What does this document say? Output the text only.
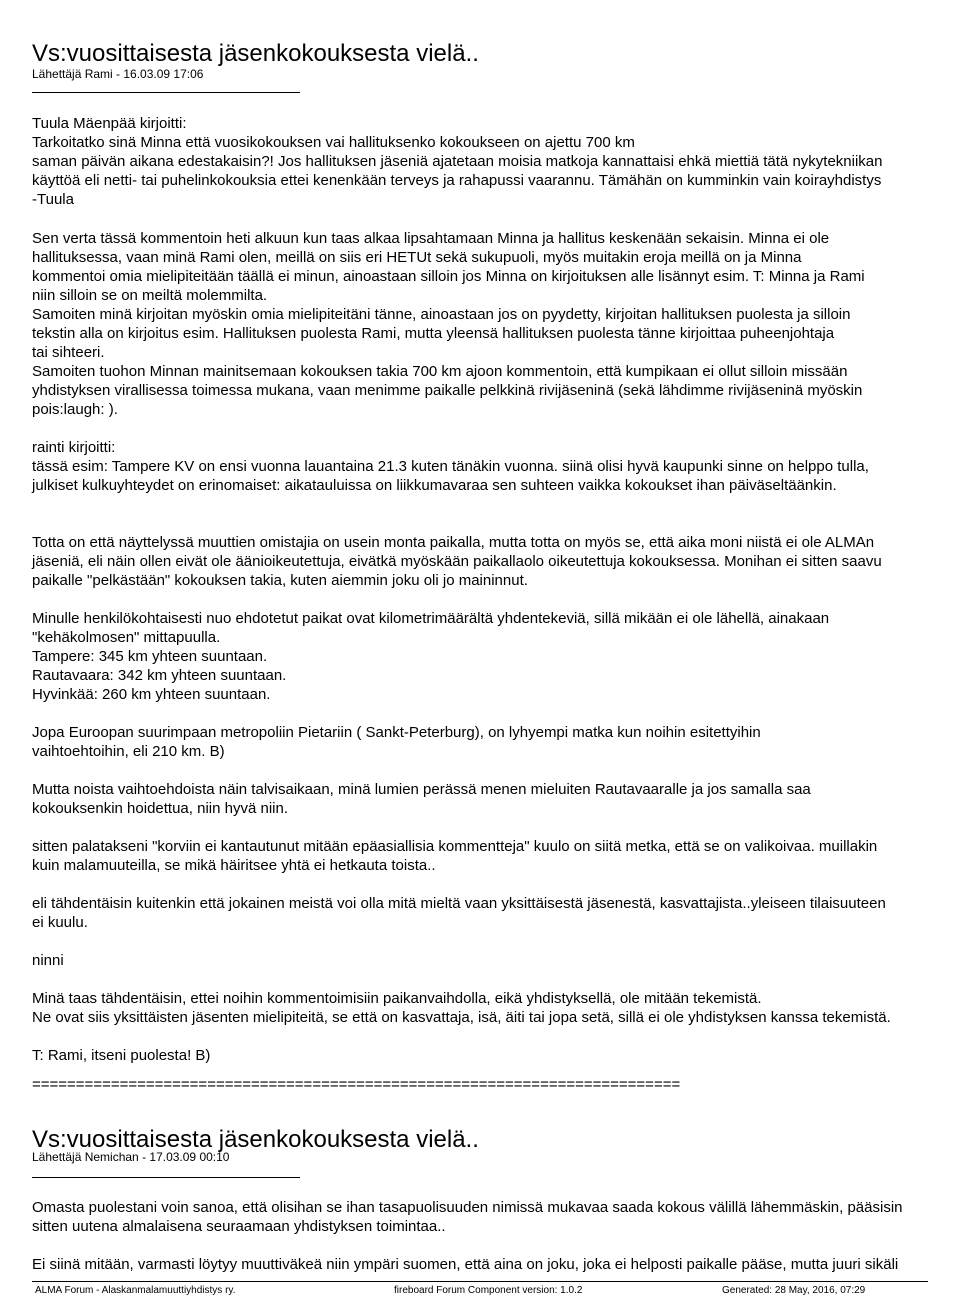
Vs:vuosittaisesta jäsenkokouksesta vielä..
Lähettäjä Rami - 16.03.09 17:06
Tuula Mäenpää kirjoitti:
Tarkoitatko sinä Minna että vuosikokouksen vai hallituksenko kokoukseen on ajettu 700 km
saman päivän aikana edestakaisin?! Jos hallituksen jäseniä ajatetaan moisia matkoja kannattaisi ehkä miettiä tätä nykytekniikan
käyttöä eli netti- tai puhelinkokouksia ettei kenenkään terveys ja rahapussi vaarannu. Tämähän on kumminkin vain koirayhdistys
-Tuula
Sen verta tässä kommentoin heti alkuun kun taas alkaa lipsahtamaan Minna ja hallitus keskenään sekaisin. Minna ei ole
hallituksessa, vaan minä Rami olen, meillä on siis eri HETUt sekä sukupuoli, myös muitakin eroja meillä on ja Minna
kommentoi omia mielipiteitään täällä ei minun, ainoastaan silloin jos Minna on kirjoituksen alle lisännyt esim. T: Minna ja Rami
niin silloin se on meiltä molemmilta.
Samoiten minä kirjoitan myöskin omia mielipiteitäni tänne, ainoastaan jos on pyydetty, kirjoitan hallituksen puolesta ja silloin
tekstin alla on kirjoitus esim. Hallituksen puolesta Rami, mutta yleensä hallituksen puolesta tänne kirjoittaa puheenjohtaja
tai sihteeri.
Samoiten tuohon Minnan mainitsemaan kokouksen takia 700 km ajoon kommentoin, että kumpikaan ei ollut silloin missään
yhdistyksen virallisessa toimessa mukana, vaan menimme paikalle pelkkinä rivijäseninä (sekä lähdimme rivijäseninä myöskin
pois:laugh: ).
rainti kirjoitti:
tässä esim: Tampere KV on ensi vuonna lauantaina 21.3 kuten tänäkin vuonna. siinä olisi hyvä kaupunki sinne on helppo tulla,
julkiset kulkuyhteydet on erinomaiset: aikatauluissa on liikkumavaraa sen suhteen vaikka kokoukset ihan päiväseltäänkin.
Totta on että näyttelyssä muuttien omistajia on usein monta paikalla, mutta totta on myös se, että aika moni niistä ei ole ALMAn
jäseniä, eli näin ollen eivät ole äänioikeutettuja, eivätkä myöskään paikallaolo oikeutettuja kokouksessa. Monihan ei sitten saavu
paikalle "pelkästään" kokouksen takia, kuten aiemmin joku oli jo maininnut.
Minulle henkilökohtaisesti nuo ehdotetut paikat ovat kilometrimäärältä yhdentekeviä, sillä mikään ei ole lähellä, ainakaan
"kehäkolmosen" mittapuulla.
Tampere: 345 km yhteen suuntaan.
Rautavaara: 342 km yhteen suuntaan.
Hyvinkää: 260 km yhteen suuntaan.
Jopa Euroopan suurimpaan metropoliin Pietariin ( Sankt-Peterburg), on lyhyempi matka kun noihin esitettyihin
vaihtoehtoihin, eli 210 km. B)
Mutta noista vaihtoehdoista näin talvisaikaan, minä lumien perässä menen mieluiten Rautavaaralle ja jos samalla saa
kokouksenkin hoidettua, niin hyvä niin.
sitten palatakseni "korviin ei kantautunut mitään epäasiallisia kommentteja" kuulo on siitä metka, että se on valikoivaa. muillakin
kuin malamuuteilla, se mikä häiritsee yhtä ei hetkauta toista..
eli tähdentäisin kuitenkin että jokainen meistä voi olla mitä mieltä vaan yksittäisestä jäsenestä, kasvattajista..yleiseen tilaisuuteen
ei kuulu.
ninni
Minä taas tähdentäisin, ettei noihin kommentoimisiin paikanvaihdolla, eikä yhdistyksellä, ole mitään tekemistä.
Ne ovat siis yksittäisten jäsenten mielipiteitä, se että on kasvattaja, isä, äiti tai jopa setä, sillä ei ole yhdistyksen kanssa tekemistä.
T: Rami, itseni puolesta! B)
==========================================================================
Vs:vuosittaisesta jäsenkokouksesta vielä..
Lähettäjä Nemichan - 17.03.09 00:10
Omasta puolestani voin sanoa, että olisihan se ihan tasapuolisuuden nimissä mukavaa saada kokous välillä lähemmäskin, pääsisin
sitten uutena almalaisena seuraamaan yhdistyksen toimintaa..
Ei siinä mitään, varmasti löytyy muuttiväkeä niin ympäri suomen, että aina on joku, joka ei helposti paikalle pääse, mutta juuri sikäli
ALMA Forum - Alaskanmalamuuttiyhdistys ry.	fireboard Forum Component version: 1.0.2	Generated: 28 May, 2016, 07:29
